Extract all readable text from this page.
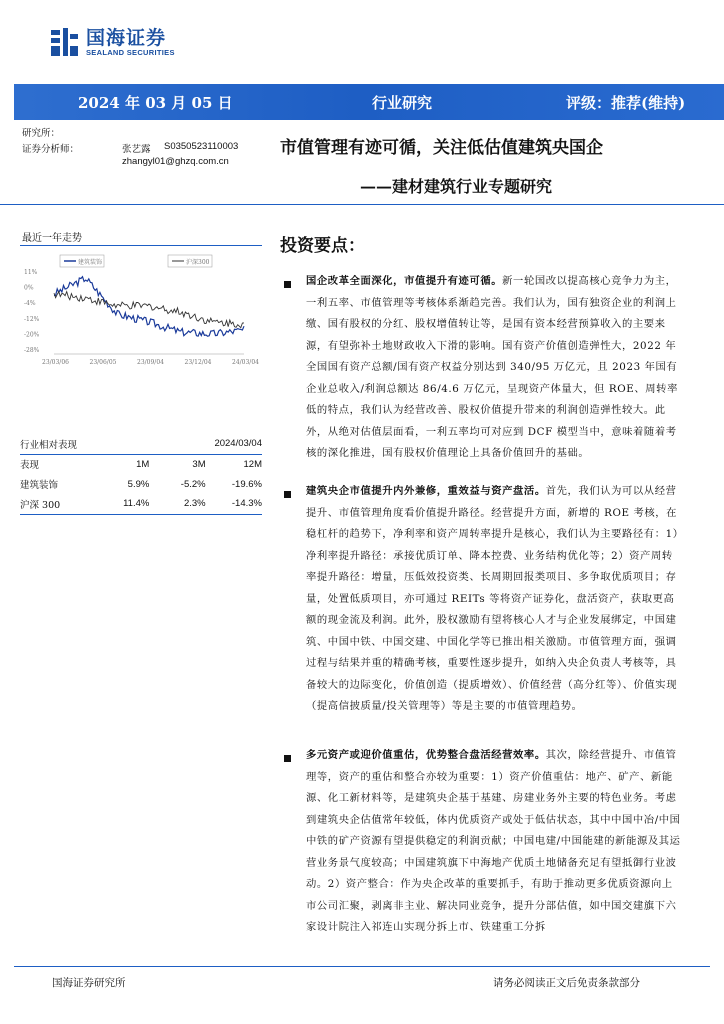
国海证券
SEALAND SECURITIES
2024 年 03 月 05 日	行业研究	评级：推荐(维持)
研究所：
证券分析师：	张艺露 S0350523110003
zhangyl01@ghzq.com.cn
市值管理有迹可循，关注低估值建筑央国企
——建材建筑行业专题研究
最近一年走势
建筑装饰	沪深300
11%
0%
-4%
-12%
-20%
-28%
23/03/06	23/06/05	23/09/04	23/12/04	24/03/04
行业相对表现	2024/03/04		
表现	1M	3M	12M
建筑装饰	5.9%	-5.2%	-19.6%
沪深 300	11.4%	2.3%	-14.3%
投资要点：
国企改革全面深化，市值提升有迹可循。新一轮国改以提高核心竞争力为主，一利五率、市值管理等考核体系渐趋完善。我们认为，国有独资企业的利润上缴、国有股权的分红、股权增值转让等，是国有资本经营预算收入的主要来源，有望弥补土地财政收入下滑的影响。国有资产价值创造弹性大，2022 年全国国有资产总额/国有资产权益分别达到 340/95 万亿元，且 2023 年国有企业总收入/利润总额达 86/4.6 万亿元，呈现资产体量大，但 ROE、周转率低的特点，我们认为经营改善、股权价值提升带来的利润创造弹性较大。此外，从绝对估值层面看，一利五率均可对应到 DCF 模型当中，意味着随着考核的深化推进，国有股权价值理论上具备价值回升的基础。
建筑央企市值提升内外兼修，重效益与资产盘活。首先，我们认为可以从经营提升、市值管理角度看价值提升路径。经营提升方面，新增的 ROE 考核，在稳杠杆的趋势下，净利率和资产周转率提升是核心，我们认为主要路径有：1）净利率提升路径：承接优质订单、降本控费、业务结构优化等；2）资产周转率提升路径：增量，压低效投资类、长周期回报类项目、多争取优质项目；存量，处置低质项目，亦可通过 REITs 等将资产证券化，盘活资产，获取更高额的现金流及利润。此外，股权激励有望将核心人才与企业发展绑定，中国建筑、中国中铁、中国交建、中国化学等已推出相关激励。市值管理方面，强调过程与结果并重的精确考核，重要性逐步提升，如纳入央企负责人考核等，具备较大的边际变化，价值创造（提质增效）、价值经营（高分红等）、价值实现（提高信披质量/投关管理等）等是主要的市值管理趋势。
多元资产或迎价值重估，优势整合盘活经营效率。其次，除经营提升、市值管理等，资产的重估和整合亦较为重要：1）资产价值重估：地产、矿产、新能源、化工新材料等，是建筑央企基于基建、房建业务外主要的特色业务。考虑到建筑央企估值常年较低，体内优质资产或处于低估状态，其中中国中冶/中国中铁的矿产资源有望提供稳定的利润贡献；中国电建/中国能建的新能源及其运营业务景气度较高；中国建筑旗下中海地产优质土地储备充足有望抵御行业波动。2）资产整合：作为央企改革的重要抓手，有助于推动更多优质资源向上市公司汇聚，剥离非主业、解决同业竞争，提升分部估值，如中国交建旗下六家设计院注入祁连山实现分拆上市、铁建重工分拆
国海证券研究所	请务必阅读正文后免责条款部分
